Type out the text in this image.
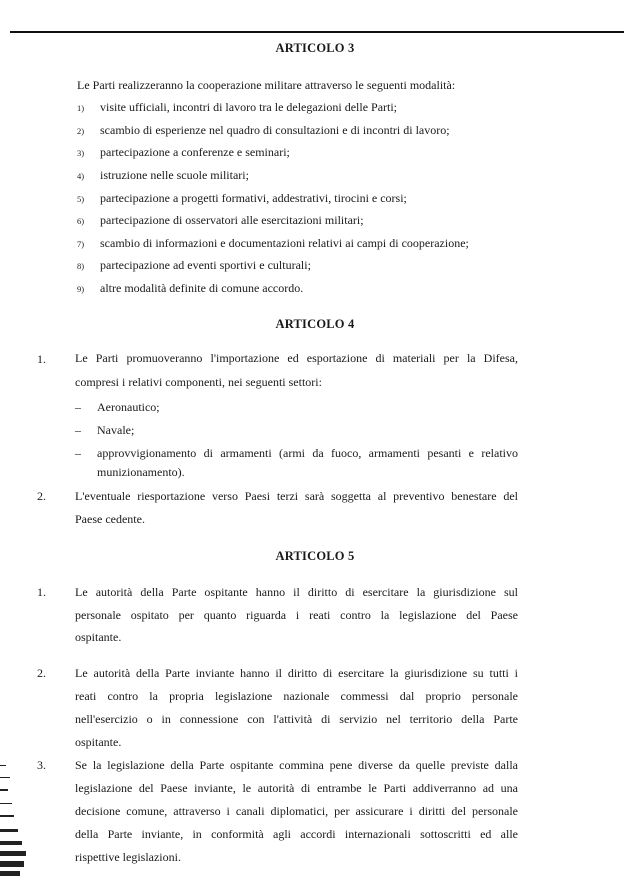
ARTICOLO 3
Le Parti realizzeranno la cooperazione militare attraverso le seguenti modalità:
1) visite ufficiali, incontri di lavoro tra le delegazioni delle Parti;
2) scambio di esperienze nel quadro di consultazioni e di incontri di lavoro;
3) partecipazione a conferenze e seminari;
4) istruzione nelle scuole militari;
5) partecipazione a progetti formativi, addestrativi, tirocini e corsi;
6) partecipazione di osservatori alle esercitazioni militari;
7) scambio di informazioni e documentazioni relativi ai campi di cooperazione;
8) partecipazione ad eventi sportivi e culturali;
9) altre modalità definite di comune accordo.
ARTICOLO 4
1. Le Parti promuoveranno l'importazione ed esportazione di materiali per la Difesa,
compresi i relativi componenti, nei seguenti settori:
– Aeronautico;
– Navale;
– approvvigionamento di armamenti (armi da fuoco, armamenti pesanti e relativo
munizionamento).
2. L'eventuale riesportazione verso Paesi terzi sarà soggetta al preventivo benestare del
Paese cedente.
ARTICOLO 5
1. Le autorità della Parte ospitante hanno il diritto di esercitare la giurisdizione sul
personale ospitato per quanto riguarda i reati contro la legislazione del Paese
ospitante.
2. Le autorità della Parte inviante hanno il diritto di esercitare la giurisdizione su tutti i
reati contro la propria legislazione nazionale commessi dal proprio personale
nell'esercizio o in connessione con l'attività di servizio nel territorio della Parte
ospitante.
3. Se la legislazione della Parte ospitante commina pene diverse da quelle previste dalla
legislazione del Paese inviante, le autorità di entrambe le Parti addiverranno ad una
decisione comune, attraverso i canali diplomatici, per assicurare i diritti del personale
della Parte inviante, in conformità agli accordi internazionali sottoscritti ed alle
rispettive legislazioni.
